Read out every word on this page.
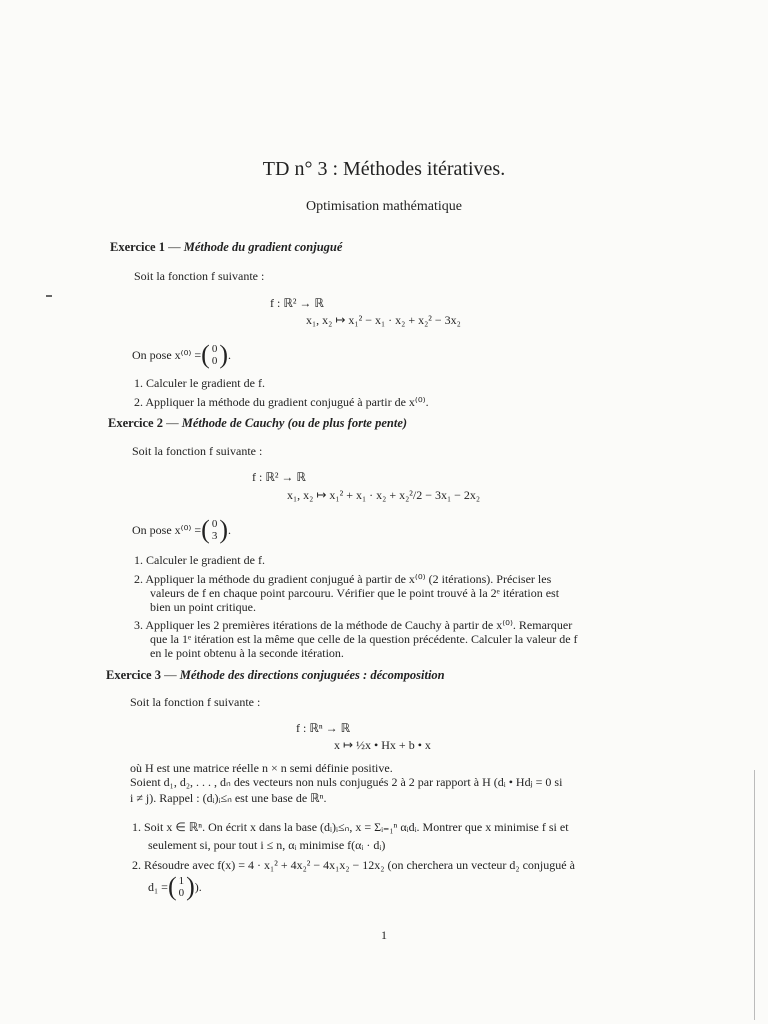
TD n° 3 : Méthodes itératives.
Optimisation mathématique
Exercice 1 — Méthode du gradient conjugué
Soit la fonction f suivante :
f : ℝ² → ℝ
x₁, x₂ ↦ x₁² − x₁ · x₂ + x₂² − 3x₂
On pose x⁽⁰⁾ = ( 0
0 ) .
1. Calculer le gradient de f.
2. Appliquer la méthode du gradient conjugué à partir de x⁽⁰⁾.
Exercice 2 — Méthode de Cauchy (ou de plus forte pente)
Soit la fonction f suivante :
f : ℝ² → ℝ
x₁, x₂ ↦ x₁² + x₁ · x₂ + x₂²/2 − 3x₁ − 2x₂
On pose x⁽⁰⁾ = ( 0
3 ) .
1. Calculer le gradient de f.
2. Appliquer la méthode du gradient conjugué à partir de x⁽⁰⁾ (2 itérations). Préciser les
valeurs de f en chaque point parcouru. Vérifier que le point trouvé à la 2ᵉ itération est
bien un point critique.
3. Appliquer les 2 premières itérations de la méthode de Cauchy à partir de x⁽⁰⁾. Remarquer
que la 1ᵉ itération est la même que celle de la question précédente. Calculer la valeur de f
en le point obtenu à la seconde itération.
Exercice 3 — Méthode des directions conjuguées : décomposition
Soit la fonction f suivante :
f : ℝⁿ → ℝ
x ↦ ½x • Hx + b • x
où H est une matrice réelle n × n semi définie positive.
Soient d₁, d₂, . . . , dₙ des vecteurs non nuls conjugués 2 à 2 par rapport à H (dᵢ • Hdⱼ = 0 si
i ≠ j). Rappel : (dᵢ)ᵢ≤ₙ est une base de ℝⁿ.
1. Soit x ∈ ℝⁿ. On écrit x dans la base (dᵢ)ᵢ≤ₙ, x = Σᵢ₌₁ⁿ αᵢdᵢ. Montrer que x minimise f si et
seulement si, pour tout i ≤ n, αᵢ minimise f(αᵢ · dᵢ)
2. Résoudre avec f(x) = 4 · x₁² + 4x₂² − 4x₁x₂ − 12x₂ (on cherchera un vecteur d₂ conjugué à
d₁ = ( 1
0 ) ).
1
